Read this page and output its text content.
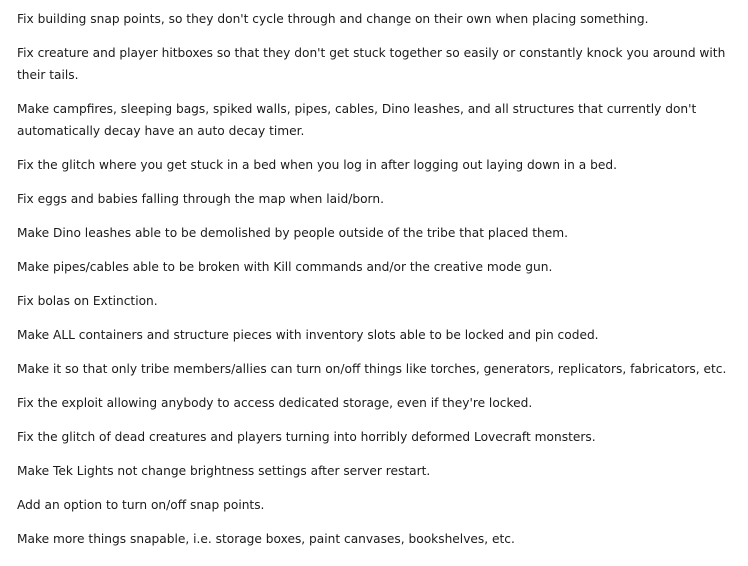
Fix building snap points, so they don't cycle through and change on their own when placing something.

Fix creature and player hitboxes so that they don't get stuck together so easily or constantly knock you around with their tails.

Make campfires, sleeping bags, spiked walls, pipes, cables, Dino leashes, and all structures that currently don't automatically decay have an auto decay timer.

Fix the glitch where you get stuck in a bed when you log in after logging out laying down in a bed.

Fix eggs and babies falling through the map when laid/born.

Make Dino leashes able to be demolished by people outside of the tribe that placed them.

Make pipes/cables able to be broken with Kill commands and/or the creative mode gun.

Fix bolas on Extinction.

Make ALL containers and structure pieces with inventory slots able to be locked and pin coded.

Make it so that only tribe members/allies can turn on/off things like torches, generators, replicators, fabricators, etc.

Fix the exploit allowing anybody to access dedicated storage, even if they're locked.

Fix the glitch of dead creatures and players turning into horribly deformed Lovecraft monsters.

Make Tek Lights not change brightness settings after server restart.

Add an option to turn on/off snap points.

Make more things snapable, i.e. storage boxes, paint canvases, bookshelves, etc.
